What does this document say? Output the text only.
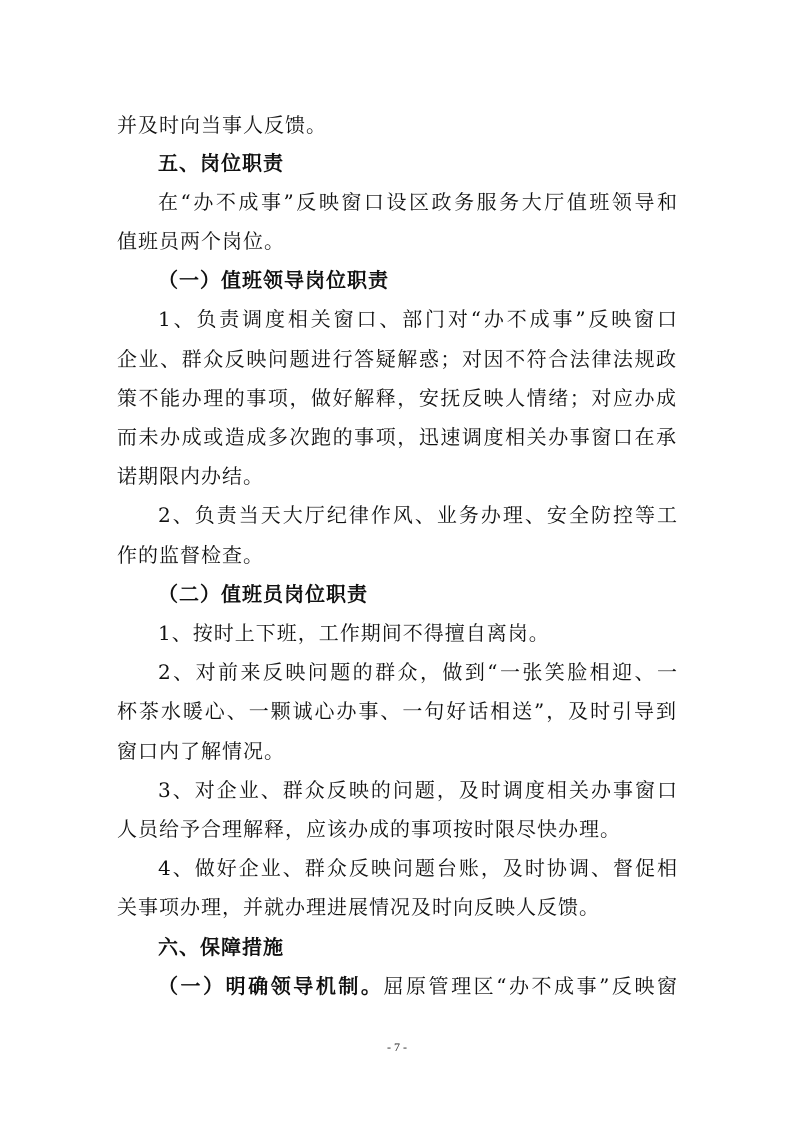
并及时向当事人反馈。
五、岗位职责
在“办不成事”反映窗口设区政务服务大厅值班领导和
值班员两个岗位。
（一）值班领导岗位职责
1、负责调度相关窗口、部门对“办不成事”反映窗口
企业、群众反映问题进行答疑解惑；对因不符合法律法规政
策不能办理的事项，做好解释，安抚反映人情绪；对应办成
而未办成或造成多次跑的事项，迅速调度相关办事窗口在承
诺期限内办结。
2、负责当天大厅纪律作风、业务办理、安全防控等工
作的监督检查。
（二）值班员岗位职责
1、按时上下班，工作期间不得擅自离岗。
2、对前来反映问题的群众，做到“一张笑脸相迎、一
杯茶水暖心、一颗诚心办事、一句好话相送”，及时引导到
窗口内了解情况。
3、对企业、群众反映的问题，及时调度相关办事窗口
人员给予合理解释，应该办成的事项按时限尽快办理。
4、做好企业、群众反映问题台账，及时协调、督促相
关事项办理，并就办理进展情况及时向反映人反馈。
六、保障措施
（一）明确领导机制。屈原管理区“办不成事”反映窗
- 7 -
